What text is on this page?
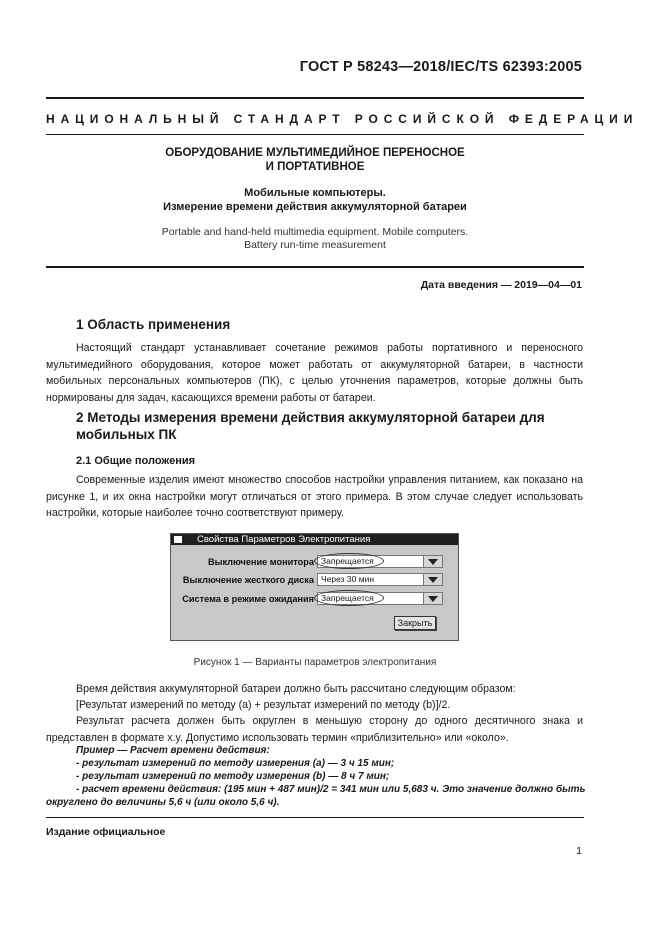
ГОСТ Р 58243—2018/IEC/TS 62393:2005
НАЦИОНАЛЬНЫЙ СТАНДАРТ РОССИЙСКОЙ ФЕДЕРАЦИИ
ОБОРУДОВАНИЕ МУЛЬТИМЕДИЙНОЕ ПЕРЕНОСНОЕ
И ПОРТАТИВНОЕ
Мобильные компьютеры.
Измерение времени действия аккумуляторной батареи
Portable and hand-held multimedia equipment. Mobile computers.
Battery run-time measurement
Дата введения — 2019—04—01
1 Область применения
Настоящий стандарт устанавливает сочетание режимов работы портативного и переносного мультимедийного оборудования, которое может работать от аккумуляторной батареи, в частности мобильных персональных компьютеров (ПК), с целью уточнения параметров, которые должны быть нормированы для задач, касающихся времени работы от батареи.
2 Методы измерения времени действия аккумуляторной батареи для
мобильных ПК
2.1 Общие положения
Современные изделия имеют множество способов настройки управления питанием, как показано на рисунке 1, и их окна настройки могут отличаться от этого примера. В этом случае следует использовать настройки, которые наиболее точно соответствуют примеру.
Свойства Параметров Электропитания
Выключение монитора Запрещается
Выключение жесткого диска Через 30 мин
Система в режиме ожидания Запрещается
Закрыть
Рисунок 1 — Варианты параметров электропитания
Время действия аккумуляторной батареи должно быть рассчитано следующим образом:
[Результат измерений по методу (а) + результат измерений по методу (b)]/2.
Результат расчета должен быть округлен в меньшую сторону до одного десятичного знака и представлен в формате x.y. Допустимо использовать термин «приблизительно» или «около».
Пример — Расчет времени действия:
- результат измерений по методу измерения (а) — 3 ч 15 мин;
- результат измерений по методу измерения (b) — 8 ч 7 мин;
- расчет времени действия: (195 мин + 487 мин)/2 = 341 мин или 5,683 ч. Это значение должно быть
округлено до величины 5,6 ч (или около 5,6 ч).
Издание официальное
1
